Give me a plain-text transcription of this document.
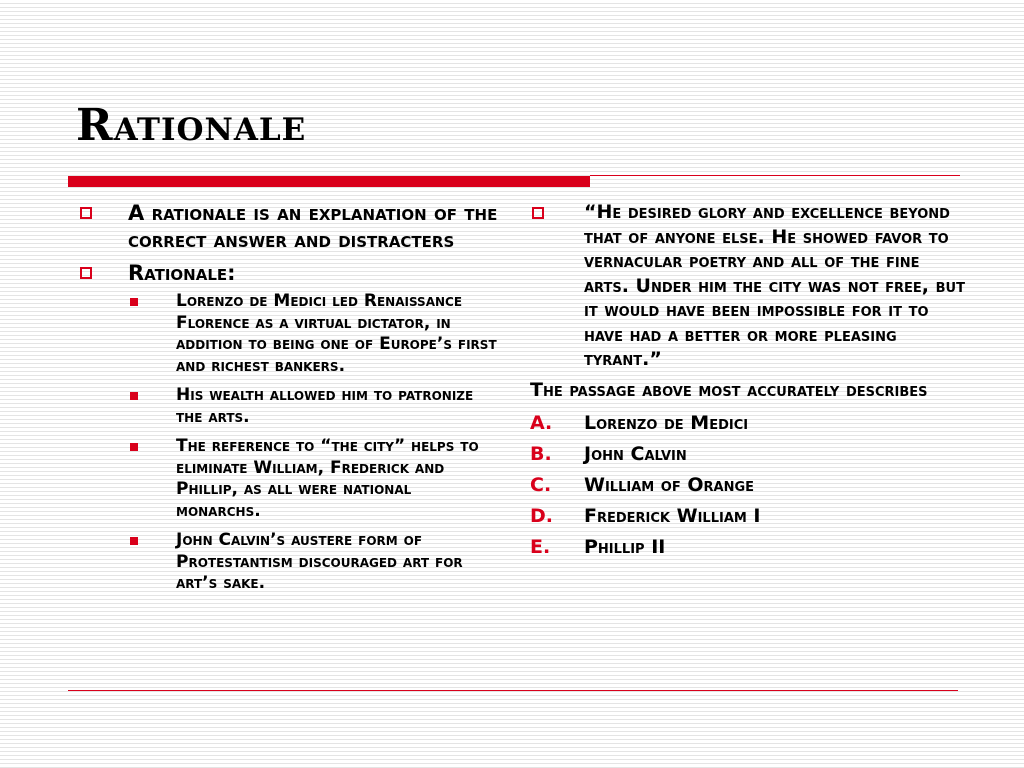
Rationale
A rationale is an explanation of the correct answer and distracters
Rationale:
Lorenzo de Medici led Renaissance Florence as a virtual dictator, in addition to being one of Europe’s first and richest bankers.
His wealth allowed him to patronize the arts.
The reference to “the city” helps to eliminate William, Frederick and Phillip, as all were national monarchs.
John Calvin’s austere form of Protestantism discouraged art for art’s sake.
“He desired glory and excellence beyond that of anyone else. He showed favor to vernacular poetry and all of the fine arts. Under him the city was not free, but it would have been impossible for it to have had a better or more pleasing tyrant.”
The passage above most accurately describes
A. Lorenzo de Medici
B. John Calvin
C. William of Orange
D. Frederick William I
E. Phillip II
